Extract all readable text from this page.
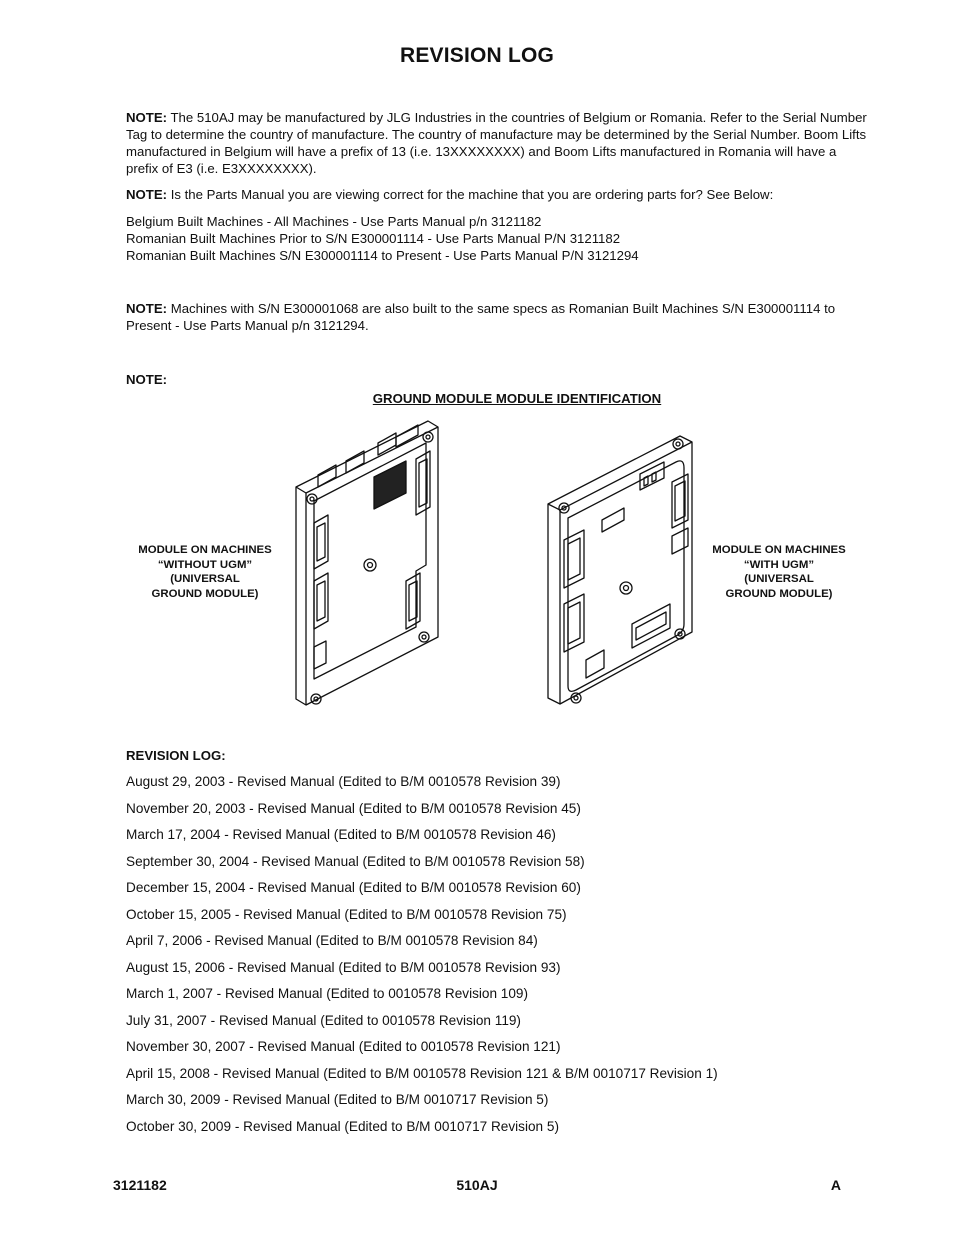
REVISION LOG
NOTE: The 510AJ may be manufactured by JLG Industries in the countries of Belgium or Romania. Refer to the Serial Number Tag to determine the country of manufacture. The country of manufacture may be determined by the Serial Number. Boom Lifts manufactured in Belgium will have a prefix of 13 (i.e. 13XXXXXXXX) and Boom Lifts manufactured in Romania will have a prefix of E3 (i.e. E3XXXXXXXX).
NOTE: Is the Parts Manual you are viewing correct for the machine that you are ordering parts for? See Below:
Belgium Built Machines - All Machines - Use Parts Manual p/n 3121182
Romanian Built Machines Prior to S/N E300001114 - Use Parts Manual P/N 3121182
Romanian Built Machines S/N E300001114 to Present - Use Parts Manual P/N 3121294
NOTE: Machines with S/N E300001068 are also built to the same specs as Romanian Built Machines S/N E300001114 to Present - Use Parts Manual p/n 3121294.
NOTE:
GROUND MODULE MODULE IDENTIFICATION
MODULE ON MACHINES
“WITHOUT UGM”
(UNIVERSAL
GROUND MODULE)
MODULE ON MACHINES
“WITH UGM”
(UNIVERSAL
GROUND MODULE)
REVISION LOG:
August 29, 2003 - Revised Manual (Edited to B/M 0010578 Revision 39)
November 20, 2003 - Revised Manual (Edited to B/M 0010578 Revision 45)
March 17, 2004 - Revised Manual (Edited to B/M 0010578 Revision 46)
September 30, 2004 - Revised Manual (Edited to B/M 0010578 Revision 58)
December 15, 2004 - Revised Manual (Edited to B/M 0010578 Revision 60)
October 15, 2005 - Revised Manual (Edited to B/M 0010578 Revision 75)
April 7, 2006 - Revised Manual (Edited to B/M 0010578 Revision 84)
August 15, 2006 - Revised Manual (Edited to B/M 0010578 Revision 93)
March 1, 2007 - Revised Manual (Edited to 0010578 Revision 109)
July 31, 2007 - Revised Manual (Edited to 0010578 Revision 119)
November 30, 2007 - Revised Manual (Edited to 0010578 Revision 121)
April 15, 2008 - Revised Manual (Edited to B/M 0010578 Revision 121 & B/M 0010717 Revision 1)
March 30, 2009 - Revised Manual (Edited to B/M 0010717 Revision 5)
October 30, 2009 - Revised Manual (Edited to B/M 0010717 Revision 5)
3121182	510AJ	A
